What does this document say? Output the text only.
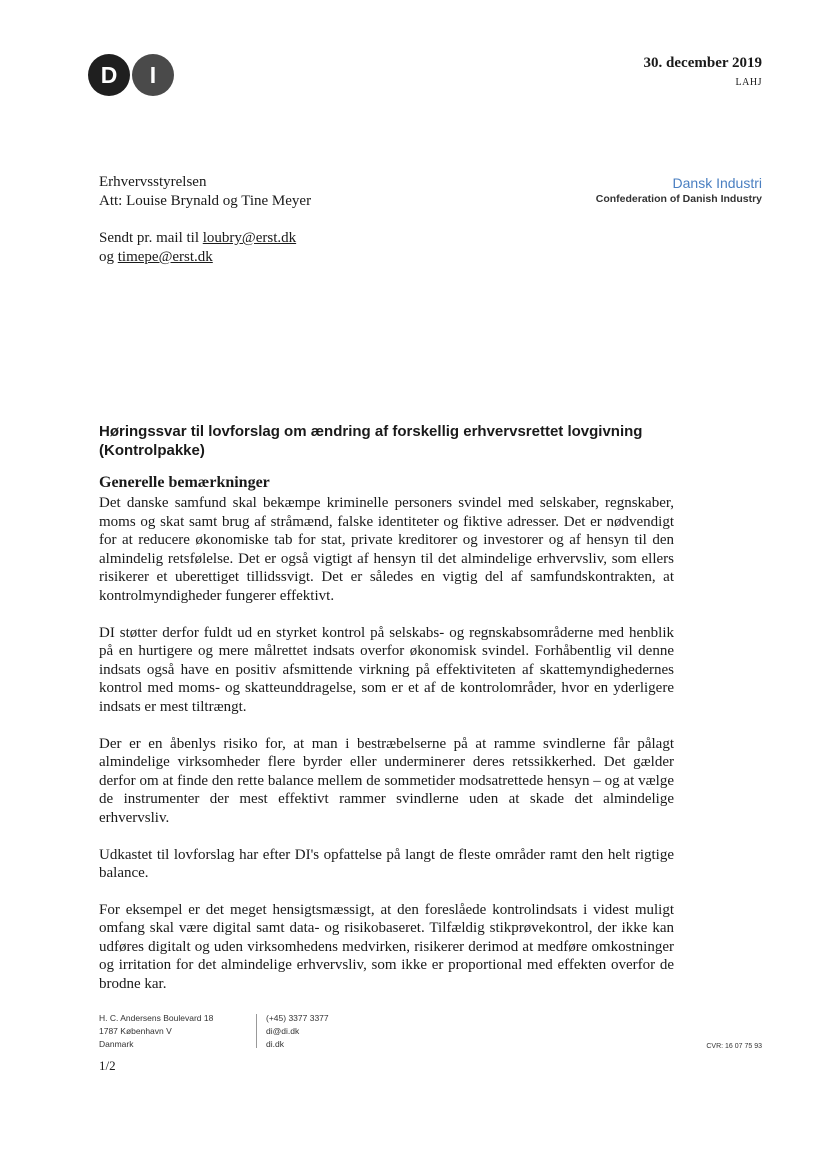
D	I	30. december 2019
LAHJ
Erhvervsstyrelsen
Att: Louise Brynald og Tine Meyer
Dansk Industri
Confederation of Danish Industry
Sendt pr. mail til loubry@erst.dk
og timepe@erst.dk
Høringssvar til lovforslag om ændring af forskellig erhvervsrettet lovgivning (Kontrolpakke)
Generelle bemærkninger

Det danske samfund skal bekæmpe kriminelle personers svindel med selskaber, regnskaber, moms og skat samt brug af stråmænd, falske identiteter og fiktive adresser. Det er nødvendigt for at reducere økonomiske tab for stat, private kreditorer og investorer og af hensyn til den almindelig retsfølelse. Det er også vigtigt af hensyn til det almindelige erhvervsliv, som ellers risikerer et uberettiget tillidssvigt. Det er således en vigtig del af samfundskontrakten, at kontrolmyndigheder fungerer effektivt.

DI støtter derfor fuldt ud en styrket kontrol på selskabs- og regnskabsområderne med henblik på en hurtigere og mere målrettet indsats overfor økonomisk svindel. Forhåbentlig vil denne indsats også have en positiv afsmittende virkning på effektiviteten af skattemyndighedernes kontrol med moms- og skatteunddragelse, som er et af de kontrolområder, hvor en yderligere indsats er mest tiltrængt.

Der er en åbenlys risiko for, at man i bestræbelserne på at ramme svindlerne får pålagt almindelige virksomheder flere byrder eller underminerer deres retssikkerhed. Det gælder derfor om at finde den rette balance mellem de sommetider modsatrettede hensyn – og at vælge de instrumenter der mest effektivt rammer svindlerne uden at skade det almindelige erhvervsliv.

Udkastet til lovforslag har efter DI's opfattelse på langt de fleste områder ramt den helt rigtige balance.

For eksempel er det meget hensigtsmæssigt, at den foreslåede kontrolindsats i videst muligt omfang skal være digital samt data- og risikobaseret. Tilfældig stikprøvekontrol, der ikke kan udføres digitalt og uden virksomhedens medvirken, risikerer derimod at medføre omkostninger og irritation for det almindelige erhvervsliv, som ikke er proportional med effekten overfor de brodne kar.

H. C. Andersens Boulevard 18
1787 København V
Danmark
(+45) 3377 3377
di@di.dk
di.dk	CVR: 16 07 75 93
1/2
